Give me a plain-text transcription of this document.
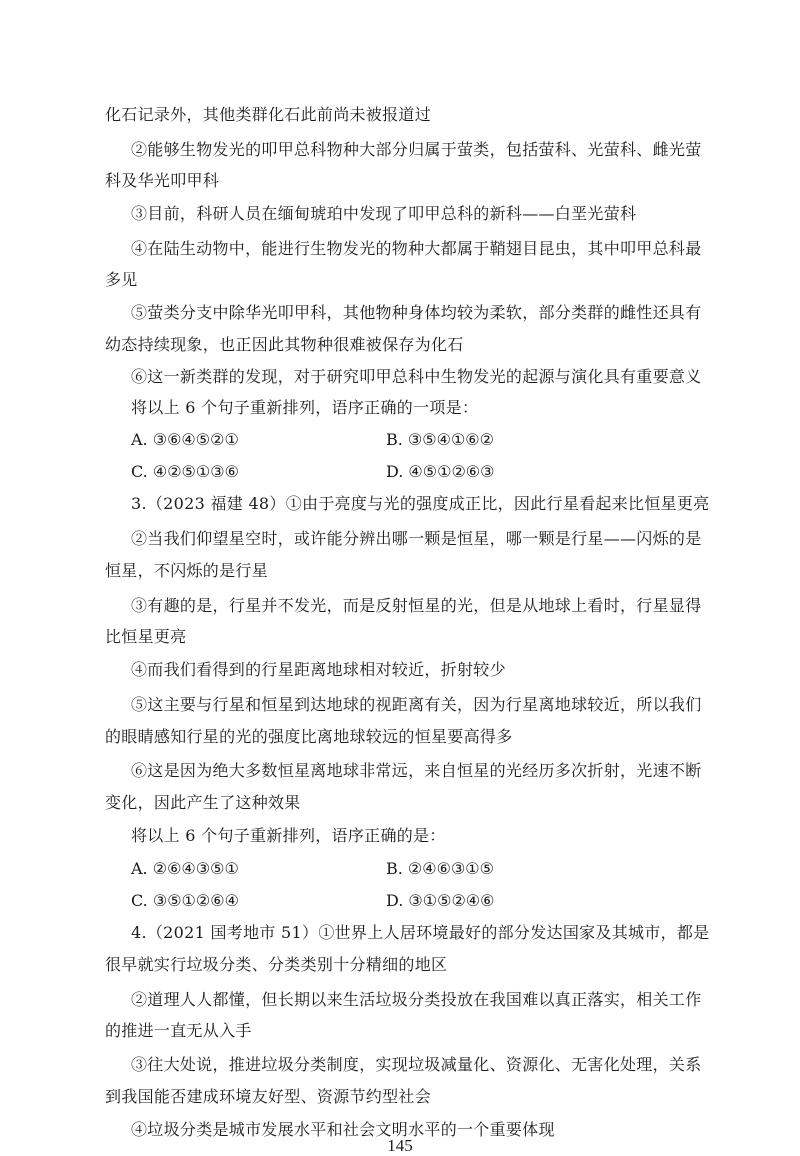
化石记录外，其他类群化石此前尚未被报道过
②能够生物发光的叩甲总科物种大部分归属于萤类，包括萤科、光萤科、雌光萤
科及华光叩甲科
③目前，科研人员在缅甸琥珀中发现了叩甲总科的新科——白垩光萤科
④在陆生动物中，能进行生物发光的物种大都属于鞘翅目昆虫，其中叩甲总科最
多见
⑤萤类分支中除华光叩甲科，其他物种身体均较为柔软，部分类群的雌性还具有
幼态持续现象，也正因此其物种很难被保存为化石
⑥这一新类群的发现，对于研究叩甲总科中生物发光的起源与演化具有重要意义
将以上 6 个句子重新排列，语序正确的一项是：
A. ③⑥④⑤②①	B. ③⑤④①⑥②
C. ④②⑤①③⑥	D. ④⑤①②⑥③
3.（2023 福建 48）①由于亮度与光的强度成正比，因此行星看起来比恒星更亮
②当我们仰望星空时，或许能分辨出哪一颗是恒星，哪一颗是行星——闪烁的是
恒星，不闪烁的是行星
③有趣的是，行星并不发光，而是反射恒星的光，但是从地球上看时，行星显得
比恒星更亮
④而我们看得到的行星距离地球相对较近，折射较少
⑤这主要与行星和恒星到达地球的视距离有关，因为行星离地球较近，所以我们
的眼睛感知行星的光的强度比离地球较远的恒星要高得多
⑥这是因为绝大多数恒星离地球非常远，来自恒星的光经历多次折射，光速不断
变化，因此产生了这种效果
将以上 6 个句子重新排列，语序正确的是：
A. ②⑥④③⑤①	B. ②④⑥③①⑤
C. ③⑤①②⑥④	D. ③①⑤②④⑥
4.（2021 国考地市 51）①世界上人居环境最好的部分发达国家及其城市，都是
很早就实行垃圾分类、分类类别十分精细的地区
②道理人人都懂，但长期以来生活垃圾分类投放在我国难以真正落实，相关工作
的推进一直无从入手
③往大处说，推进垃圾分类制度，实现垃圾减量化、资源化、无害化处理，关系
到我国能否建成环境友好型、资源节约型社会
④垃圾分类是城市发展水平和社会文明水平的一个重要体现
145
